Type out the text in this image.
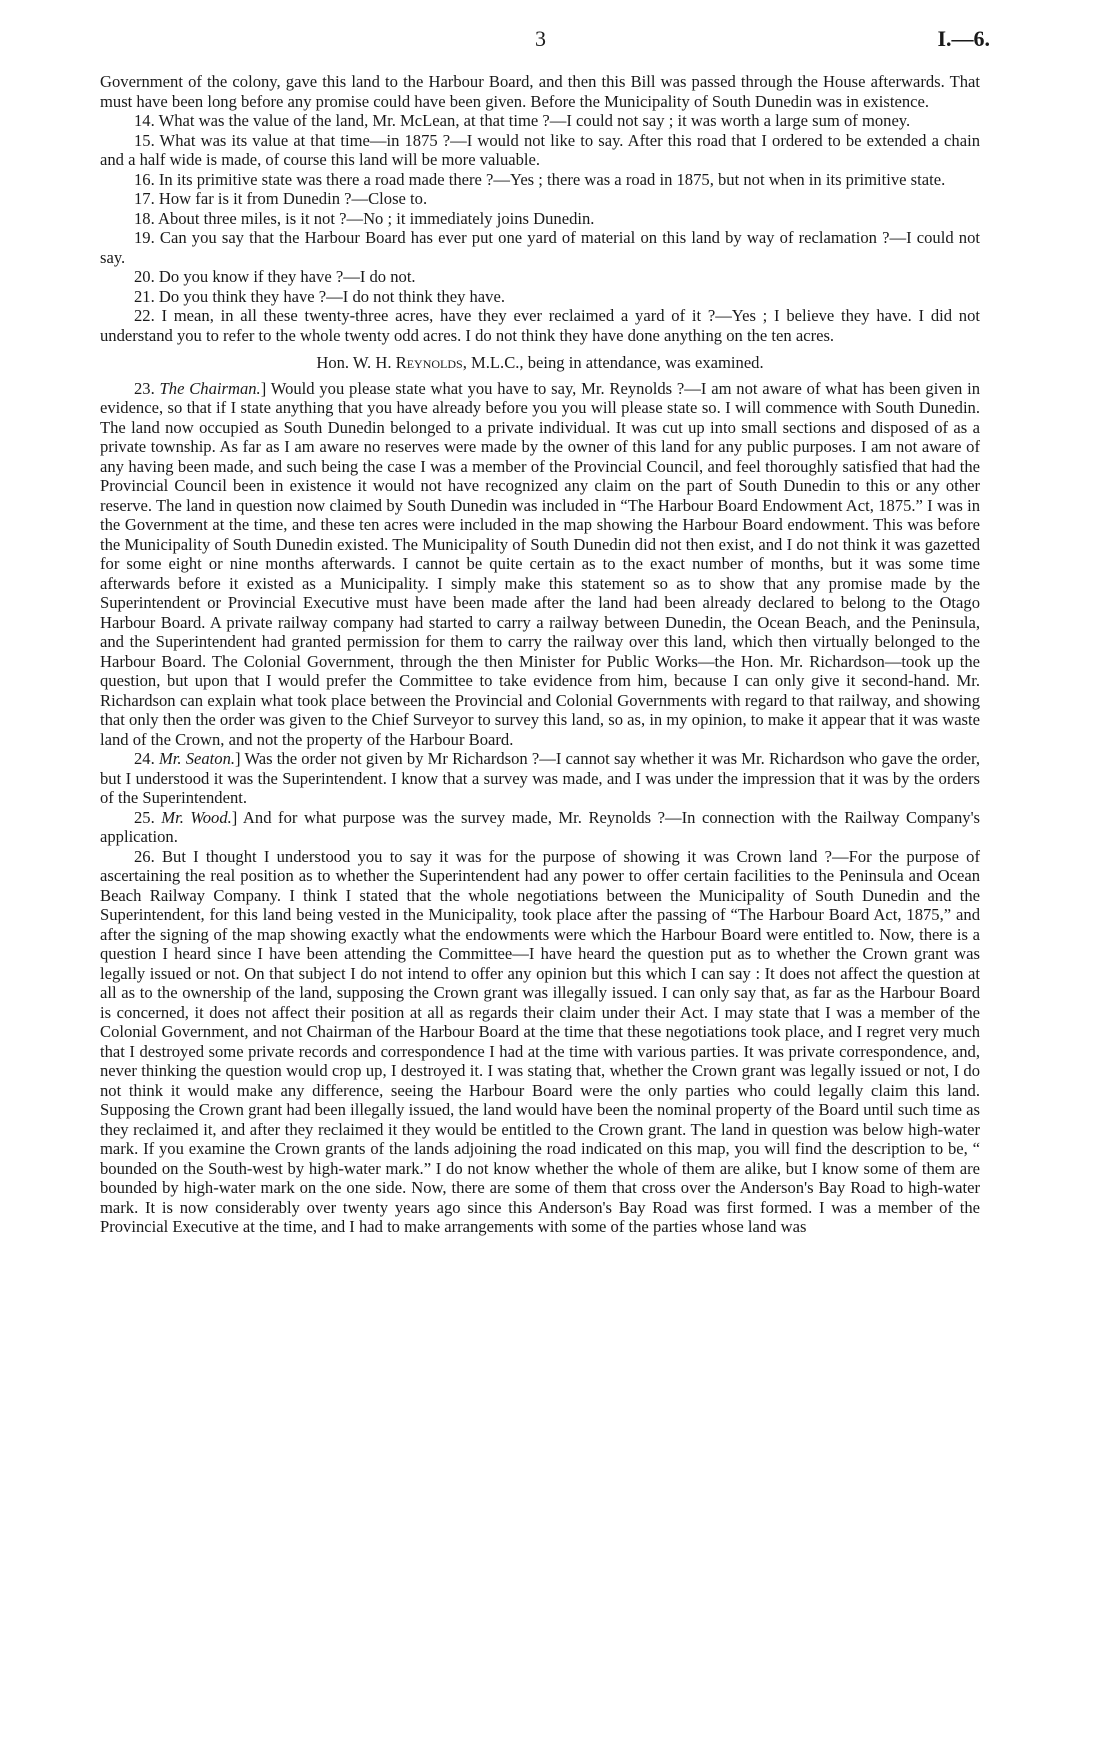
3	I.—6.

Government of the colony, gave this land to the Harbour Board, and then this Bill was passed through the House afterwards. That must have been long before any promise could have been given. Before the Municipality of South Dunedin was in existence.

14. What was the value of the land, Mr. McLean, at that time ?—I could not say ; it was worth a large sum of money.

15. What was its value at that time—in 1875 ?—I would not like to say. After this road that I ordered to be extended a chain and a half wide is made, of course this land will be more valuable.

16. In its primitive state was there a road made there ?—Yes ; there was a road in 1875, but not when in its primitive state.

17. How far is it from Dunedin ?—Close to.

18. About three miles, is it not ?—No ; it immediately joins Dunedin.

19. Can you say that the Harbour Board has ever put one yard of material on this land by way of reclamation ?—I could not say.

20. Do you know if they have ?—I do not.

21. Do you think they have ?—I do not think they have.

22. I mean, in all these twenty-three acres, have they ever reclaimed a yard of it ?—Yes ; I believe they have. I did not understand you to refer to the whole twenty odd acres. I do not think they have done anything on the ten acres.

Hon. W. H. Reynolds, M.L.C., being in attendance, was examined.

23. The Chairman.] Would you please state what you have to say, Mr. Reynolds ?—I am not aware of what has been given in evidence, so that if I state anything that you have already before you you will please state so. I will commence with South Dunedin. The land now occupied as South Dunedin belonged to a private individual. It was cut up into small sections and disposed of as a private township. As far as I am aware no reserves were made by the owner of this land for any public purposes. I am not aware of any having been made, and such being the case I was a member of the Provincial Council, and feel thoroughly satisfied that had the Provincial Council been in existence it would not have recognized any claim on the part of South Dunedin to this or any other reserve. The land in question now claimed by South Dunedin was included in “The Harbour Board Endowment Act, 1875.” I was in the Government at the time, and these ten acres were included in the map showing the Harbour Board endowment. This was before the Municipality of South Dunedin existed. The Municipality of South Dunedin did not then exist, and I do not think it was gazetted for some eight or nine months afterwards. I cannot be quite certain as to the exact number of months, but it was some time afterwards before it existed as a Municipality. I simply make this statement so as to show that any promise made by the Superintendent or Provincial Executive must have been made after the land had been already declared to belong to the Otago Harbour Board. A private railway company had started to carry a railway between Dunedin, the Ocean Beach, and the Peninsula, and the Superintendent had granted permission for them to carry the railway over this land, which then virtually belonged to the Harbour Board. The Colonial Government, through the then Minister for Public Works—the Hon. Mr. Richardson—took up the question, but upon that I would prefer the Committee to take evidence from him, because I can only give it second-hand. Mr. Richardson can explain what took place between the Provincial and Colonial Governments with regard to that railway, and showing that only then the order was given to the Chief Surveyor to survey this land, so as, in my opinion, to make it appear that it was waste land of the Crown, and not the property of the Harbour Board.

24. Mr. Seaton.] Was the order not given by Mr Richardson ?—I cannot say whether it was Mr. Richardson who gave the order, but I understood it was the Superintendent. I know that a survey was made, and I was under the impression that it was by the orders of the Superintendent.

25. Mr. Wood.] And for what purpose was the survey made, Mr. Reynolds ?—In connection with the Railway Company's application.

26. But I thought I understood you to say it was for the purpose of showing it was Crown land ?—For the purpose of ascertaining the real position as to whether the Superintendent had any power to offer certain facilities to the Peninsula and Ocean Beach Railway Company. I think I stated that the whole negotiations between the Municipality of South Dunedin and the Superintendent, for this land being vested in the Municipality, took place after the passing of “The Harbour Board Act, 1875,” and after the signing of the map showing exactly what the endowments were which the Harbour Board were entitled to. Now, there is a question I heard since I have been attending the Committee—I have heard the question put as to whether the Crown grant was legally issued or not. On that subject I do not intend to offer any opinion but this which I can say : It does not affect the question at all as to the ownership of the land, supposing the Crown grant was illegally issued. I can only say that, as far as the Harbour Board is concerned, it does not affect their position at all as regards their claim under their Act. I may state that I was a member of the Colonial Government, and not Chairman of the Harbour Board at the time that these negotiations took place, and I regret very much that I destroyed some private records and correspondence I had at the time with various parties. It was private correspondence, and, never thinking the question would crop up, I destroyed it. I was stating that, whether the Crown grant was legally issued or not, I do not think it would make any difference, seeing the Harbour Board were the only parties who could legally claim this land. Supposing the Crown grant had been illegally issued, the land would have been the nominal property of the Board until such time as they reclaimed it, and after they reclaimed it they would be entitled to the Crown grant. The land in question was below high-water mark. If you examine the Crown grants of the lands adjoining the road indicated on this map, you will find the description to be, “ bounded on the South-west by high-water mark.” I do not know whether the whole of them are alike, but I know some of them are bounded by high-water mark on the one side. Now, there are some of them that cross over the Anderson's Bay Road to high-water mark. It is now considerably over twenty years ago since this Anderson's Bay Road was first formed. I was a member of the Provincial Executive at the time, and I had to make arrangements with some of the parties whose land was
